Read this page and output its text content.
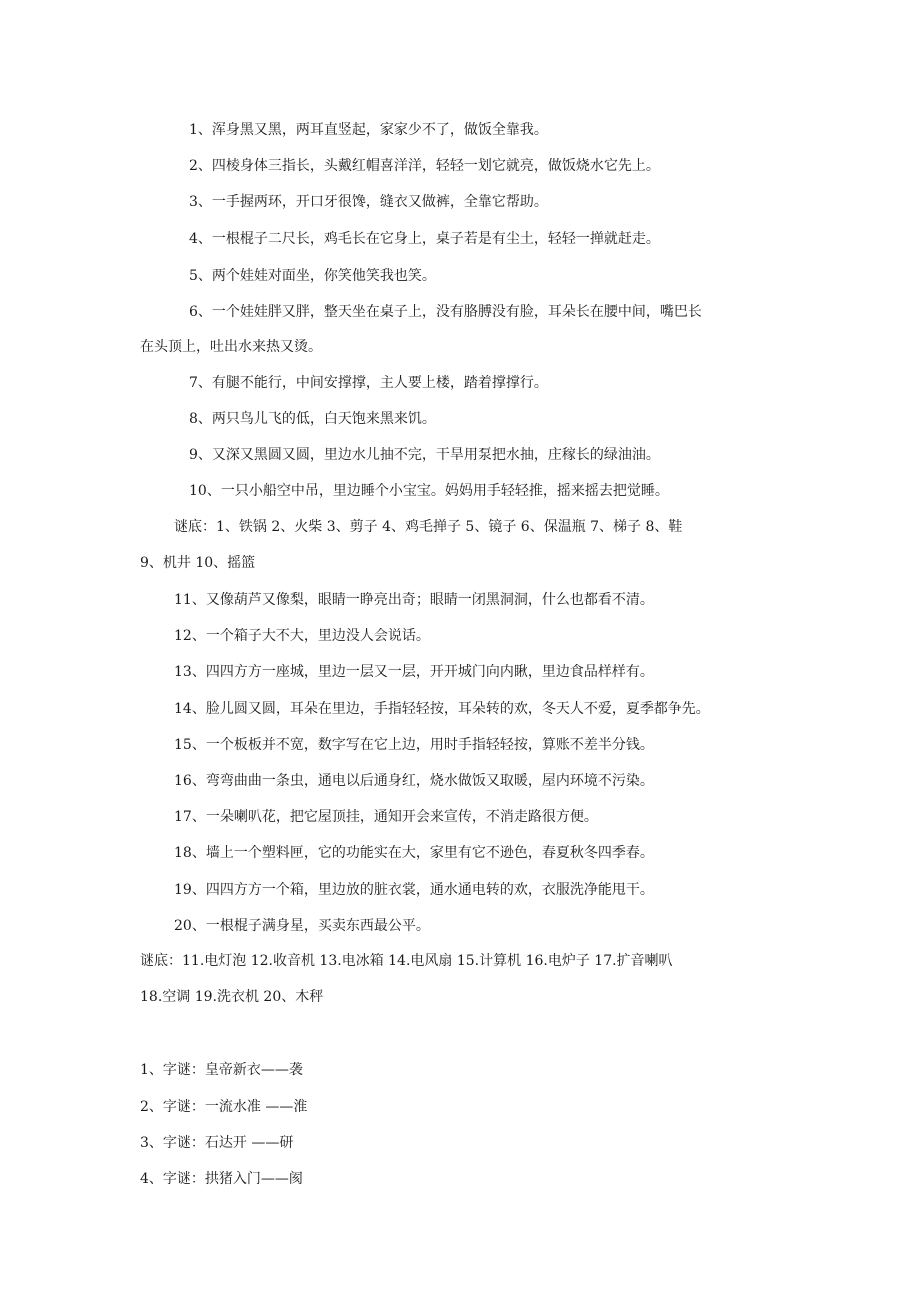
1、浑身黑又黑，两耳直竖起，家家少不了，做饭全靠我。
2、四棱身体三指长，头戴红帽喜洋洋，轻轻一划它就亮，做饭烧水它先上。
3、一手握两环，开口牙很馋，缝衣又做裤，全靠它帮助。
4、一根棍子二尺长，鸡毛长在它身上，桌子若是有尘土，轻轻一掸就赶走。
5、两个娃娃对面坐，你笑他笑我也笑。
6、一个娃娃胖又胖，整天坐在桌子上，没有胳膊没有脸，耳朵长在腰中间，嘴巴长
在头顶上，吐出水来热又烫。
7、有腿不能行，中间安撑撑，主人要上楼，踏着撑撑行。
8、两只鸟儿飞的低，白天饱来黑来饥。
9、又深又黑圆又圆，里边水儿抽不完，干旱用泵把水抽，庄稼长的绿油油。
10、一只小船空中吊，里边睡个小宝宝。妈妈用手轻轻推，摇来摇去把觉睡。
谜底：1、铁锅 2、火柴 3、剪子 4、鸡毛掸子 5、镜子 6、保温瓶 7、梯子 8、鞋
9、机井 10、摇篮
11、又像葫芦又像梨，眼睛一睁亮出奇；眼睛一闭黑洞洞，什么也都看不清。
12、一个箱子大不大，里边没人会说话。
13、四四方方一座城，里边一层又一层，开开城门向内瞅，里边食品样样有。
14、脸儿圆又圆，耳朵在里边，手指轻轻按，耳朵转的欢，冬天人不爱，夏季都争先。
15、一个板板并不宽，数字写在它上边，用时手指轻轻按，算账不差半分钱。
16、弯弯曲曲一条虫，通电以后通身红，烧水做饭又取暖，屋内环境不污染。
17、一朵喇叭花，把它屋顶挂，通知开会来宣传，不消走路很方便。
18、墙上一个塑料匣，它的功能实在大，家里有它不逊色，春夏秋冬四季春。
19、四四方方一个箱，里边放的脏衣裳，通水通电转的欢，衣服洗净能甩干。
20、一根棍子满身星，买卖东西最公平。
谜底：11.电灯泡 12.收音机 13.电冰箱 14.电风扇 15.计算机 16.电炉子 17.扩音喇叭
18.空调 19.洗衣机 20、木秤
1、字谜：皇帝新衣——袭
2、字谜：一流水准 ——淮
3、字谜：石达开 ——研
4、字谜：拱猪入门——阂
